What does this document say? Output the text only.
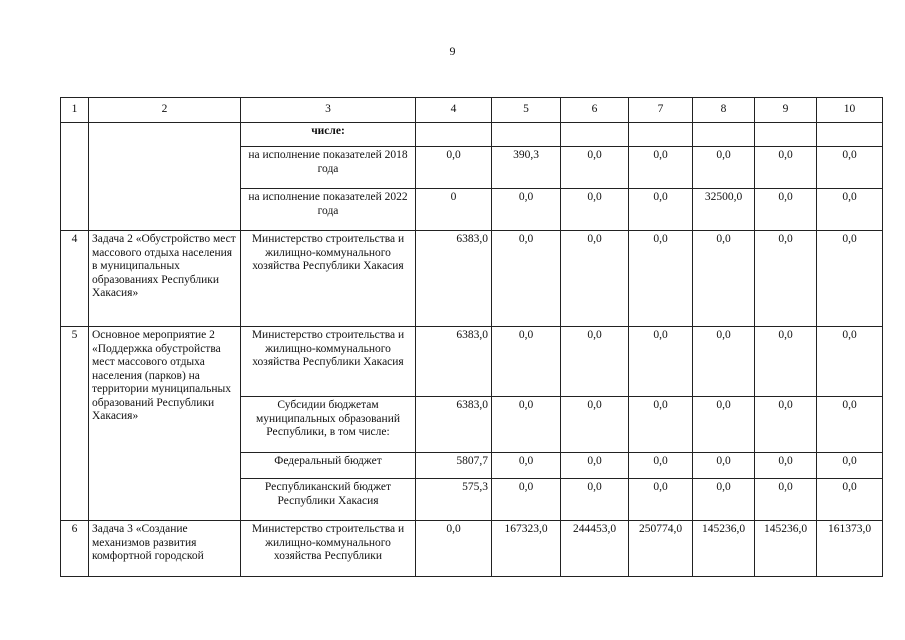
9
1	2	3	4	5	6	7	8	9	10
		числе:							
		на исполнение показателей 2018 года	0,0	390,3	0,0	0,0	0,0	0,0	0,0
		на исполнение показателей 2022 года	0	0,0	0,0	0,0	32500,0	0,0	0,0
4	Задача 2 «Обустройство мест массового отдыха населения в муниципальных образованиях Республики Хакасия»	Министерство строительства и жилищно-коммунального хозяйства Республики Хакасия	6383,0	0,0	0,0	0,0	0,0	0,0	0,0
5	Основное мероприятие 2 «Поддержка обустройства мест массового отдыха населения (парков) на территории муниципальных образований Республики Хакасия»	Министерство строительства и жилищно-коммунального хозяйства Республики Хакасия	6383,0	0,0	0,0	0,0	0,0	0,0	0,0
		Субсидии бюджетам муниципальных образований Республики, в том числе:	6383,0	0,0	0,0	0,0	0,0	0,0	0,0
		Федеральный бюджет	5807,7	0,0	0,0	0,0	0,0	0,0	0,0
		Республиканский бюджет Республики Хакасия	575,3	0,0	0,0	0,0	0,0	0,0	0,0
6	Задача 3 «Создание механизмов развития комфортной городской	Министерство строительства и жилищно-коммунального хозяйства Республики	0,0	167323,0	244453,0	250774,0	145236,0	145236,0	161373,0
